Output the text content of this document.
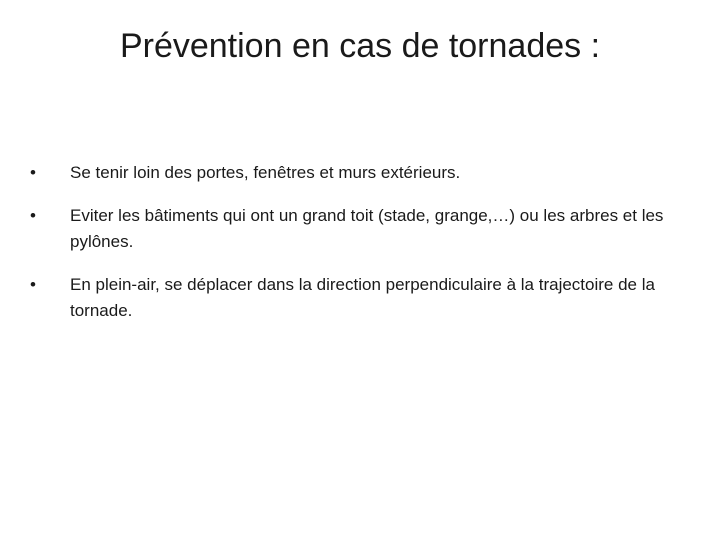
Prévention en cas de tornades :
•	Se tenir loin des portes, fenêtres et murs extérieurs.
•	Eviter les bâtiments qui ont un grand toit (stade, grange,…) ou les arbres et les pylônes.
•	En plein-air, se déplacer dans la direction perpendiculaire à la trajectoire de la tornade.
